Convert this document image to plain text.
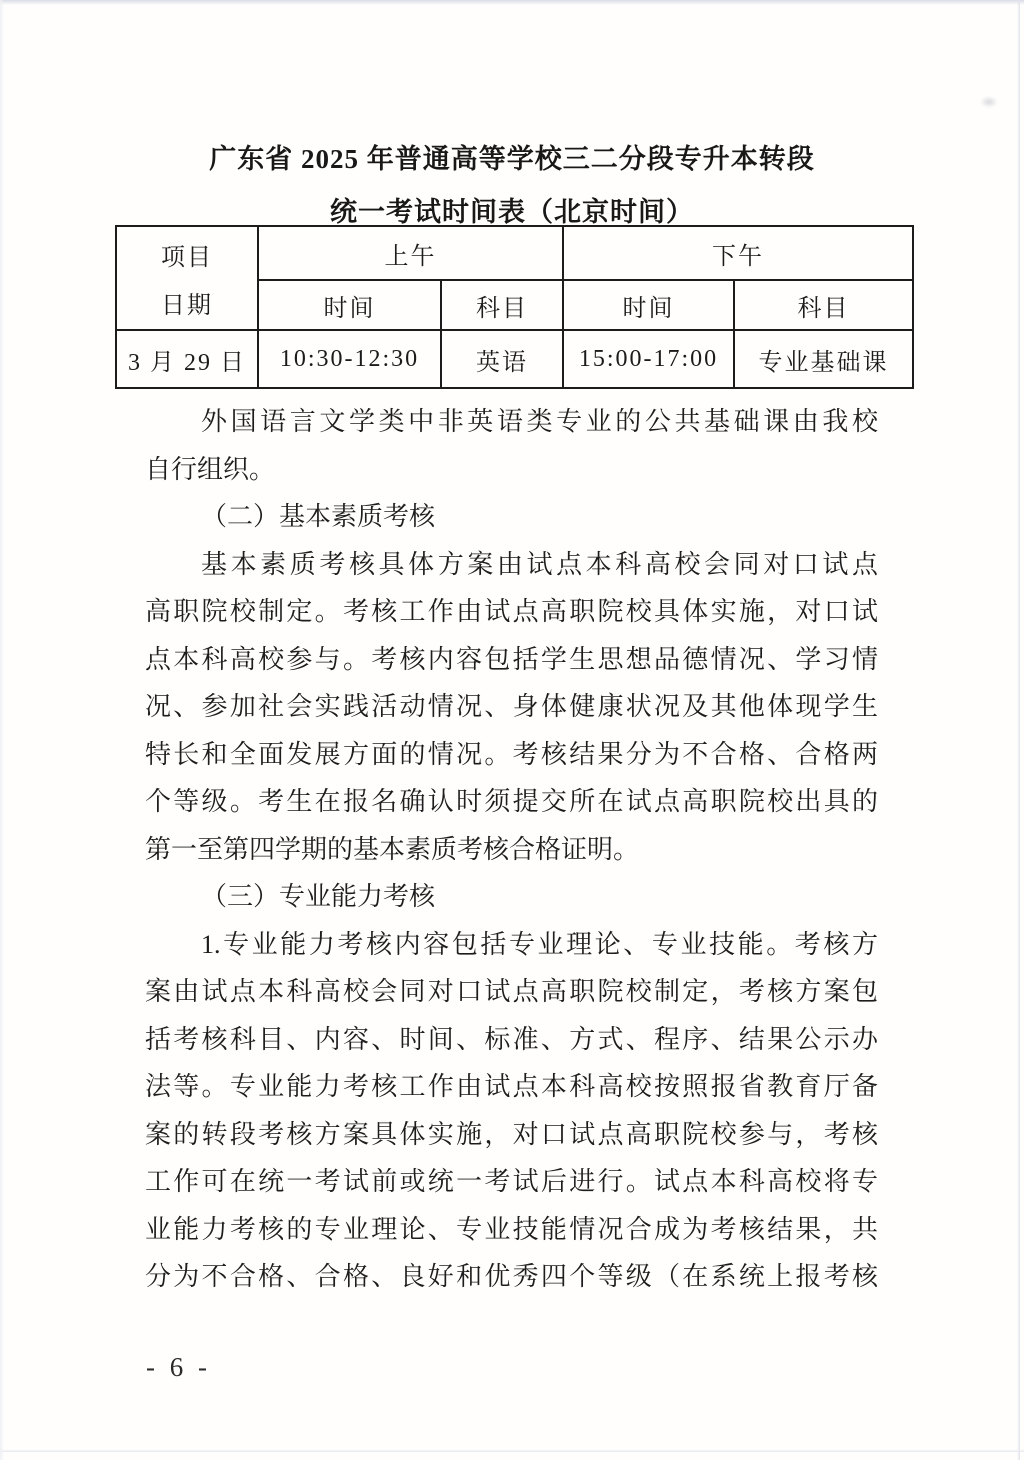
广东省 2025 年普通高等学校三二分段专升本转段
统一考试时间表（北京时间）
项目
日期	上午		下午	
	时间	科目	时间	科目
3 月 29 日	10:30-12:30	英语	15:00-17:00	专业基础课
外国语言文学类中非英语类专业的公共基础课由我校
自行组织。
（二）基本素质考核
基本素质考核具体方案由试点本科高校会同对口试点
高职院校制定。考核工作由试点高职院校具体实施，对口试
点本科高校参与。考核内容包括学生思想品德情况、学习情
况、参加社会实践活动情况、身体健康状况及其他体现学生
特长和全面发展方面的情况。考核结果分为不合格、合格两
个等级。考生在报名确认时须提交所在试点高职院校出具的
第一至第四学期的基本素质考核合格证明。
（三）专业能力考核
1.专业能力考核内容包括专业理论、专业技能。考核方
案由试点本科高校会同对口试点高职院校制定，考核方案包
括考核科目、内容、时间、标准、方式、程序、结果公示办
法等。专业能力考核工作由试点本科高校按照报省教育厅备
案的转段考核方案具体实施，对口试点高职院校参与，考核
工作可在统一考试前或统一考试后进行。试点本科高校将专
业能力考核的专业理论、专业技能情况合成为考核结果，共
分为不合格、合格、良好和优秀四个等级（在系统上报考核
- 6 -
